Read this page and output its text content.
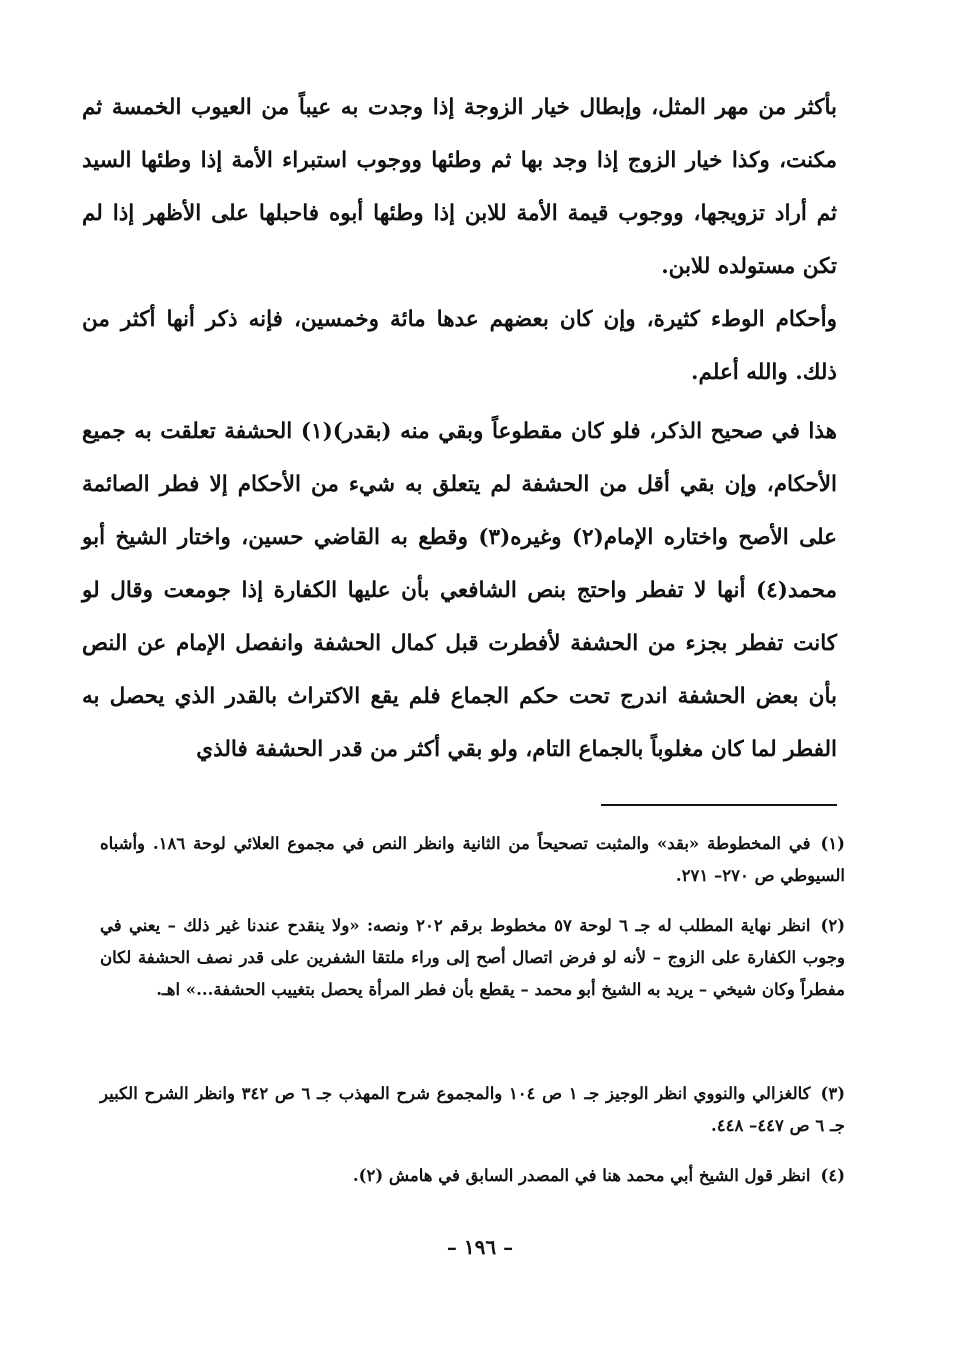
بأكثر من مهر المثل، وإبطال خيار الزوجة إذا وجدت به عيباً من العيوب الخمسة ثم مكنت، وكذا خيار الزوج إذا وجد بها ثم وطئها ووجوب استبراء الأمة إذا وطئها السيد ثم أراد تزويجها، ووجوب قيمة الأمة للابن إذا وطئها أبوه فاحبلها على الأظهر إذا لم تكن مستولده للابن.

وأحكام الوطء كثيرة، وإن كان بعضهم عدها مائة وخمسين، فإنه ذكر أنها أكثر من ذلك. والله أعلم.

هذا في صحيح الذكر، فلو كان مقطوعاً وبقي منه (بقدر)(١) الحشفة تعلقت به جميع الأحكام، وإن بقي أقل من الحشفة لم يتعلق به شيء من الأحكام إلا فطر الصائمة على الأصح واختاره الإمام(٢) وغيره(٣) وقطع به القاضي حسين، واختار الشيخ أبو محمد(٤) أنها لا تفطر واحتج بنص الشافعي بأن عليها الكفارة إذا جومعت وقال لو كانت تفطر بجزء من الحشفة لأفطرت قبل كمال الحشفة وانفصل الإمام عن النص بأن بعض الحشفة اندرج تحت حكم الجماع فلم يقع الاكتراث بالقدر الذي يحصل به الفطر لما كان مغلوباً بالجماع التام، ولو بقي أكثر من قدر الحشفة فالذي

(١)في المخطوطة «بقد» والمثبت تصحيحاً من الثانية وانظر النص في مجموع العلائي لوحة ١٨٦. وأشباه السيوطي ص ٢٧٠– ٢٧١.

(٢)انظر نهاية المطلب له جـ ٦ لوحة ٥٧ مخطوط برقم ٢٠٢ ونصه: «ولا ينقدح عندنا غير ذلك – يعني في وجوب الكفارة على الزوج – لأنه لو فرض اتصال أصح إلى وراء ملتقا الشفرين على قدر نصف الحشفة لكان مفطراً وكان شيخي – يريد به الشيخ أبو محمد – يقطع بأن فطر المرأة يحصل بتغييب الحشفة...» اهـ.

(٣)كالغزالي والنووي انظر الوجيز جـ ١ ص ١٠٤ والمجموع شرح المهذب جـ ٦ ص ٣٤٢ وانظر الشرح الكبير جـ ٦ ص ٤٤٧– ٤٤٨.

(٤)انظر قول الشيخ أبي محمد هنا في المصدر السابق في هامش (٢).

– ١٩٦ –
